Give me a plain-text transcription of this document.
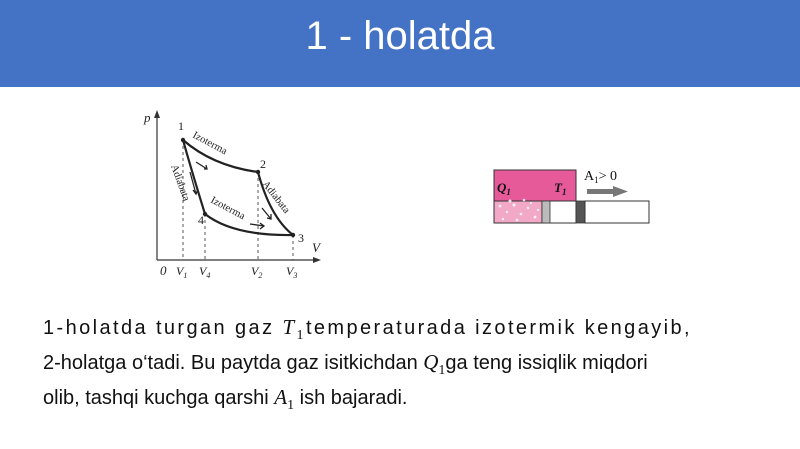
1 - holatda
p
V
0
1
2
3
4
Izoterma
Izoterma
Adiabata	Adiabata
$V_1$ $V_4$	$V_2$ $V_3$
$Q_1$	$T_1$
$A_1> 0$
1-holatda turgan gaz $T_1temperaturada$ izotermik kengayib,
2-holatga o‘tadi. Bu paytda gaz isitkichdan $Q_1ga$ teng issiqlik miqdori
olib, tashqi kuchga qarshi $A_1$ ish bajaradi.
